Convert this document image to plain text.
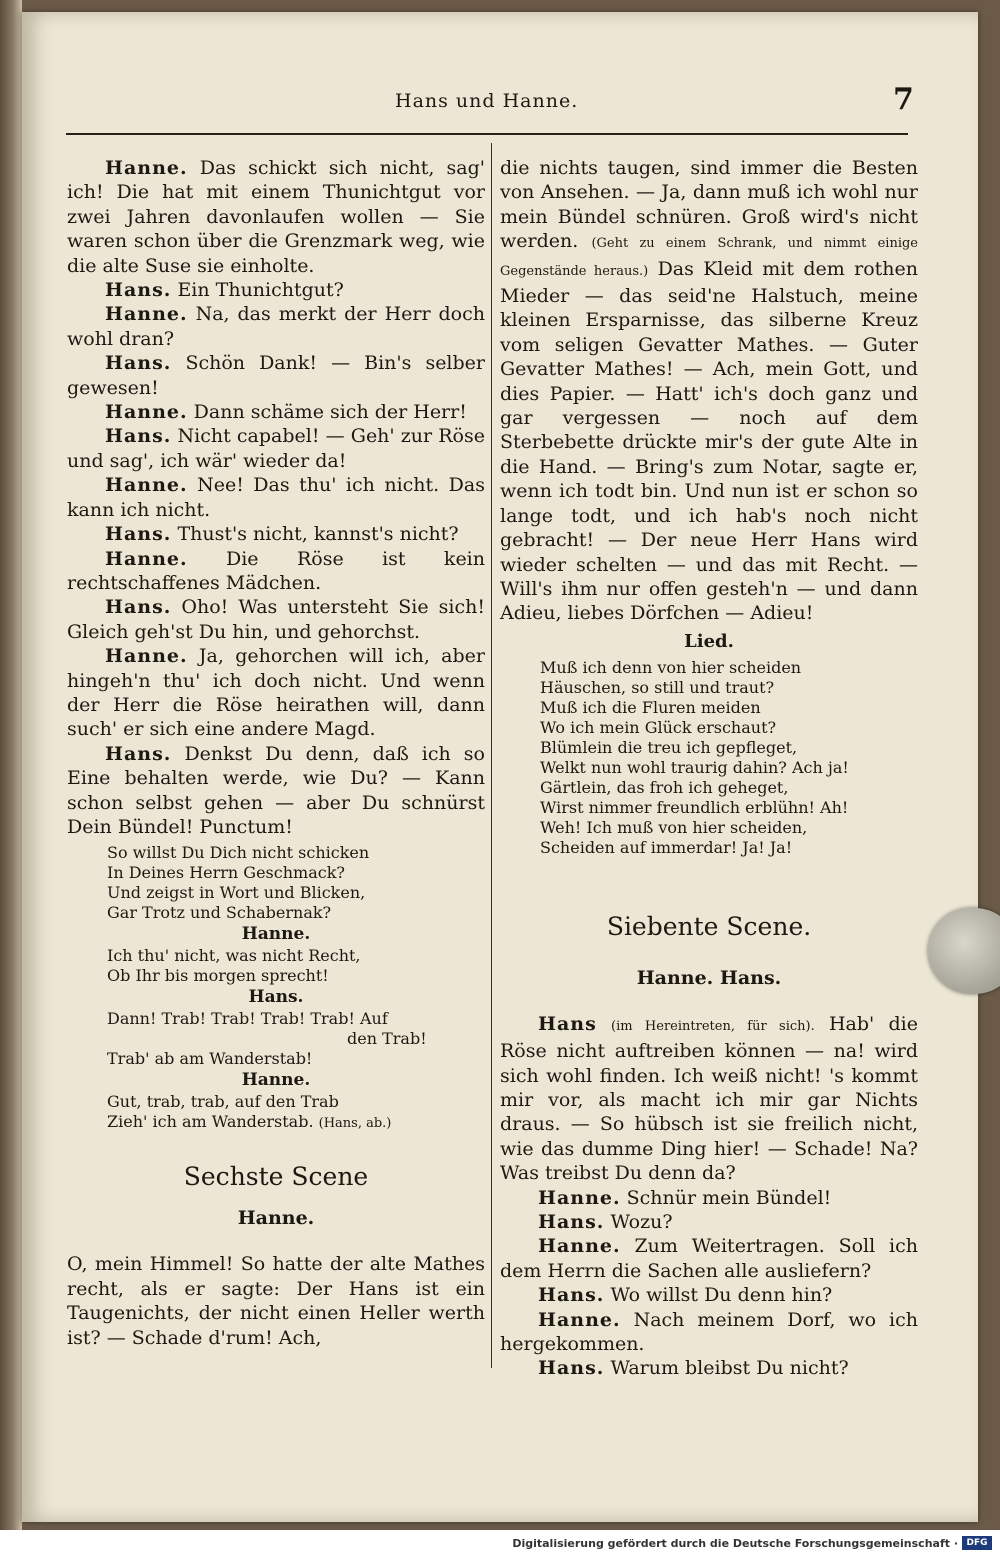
Hans und Hanne.	7

Hanne. Das schickt sich nicht, sag' ich! Die hat mit einem Thunichtgut vor zwei Jahren davonlaufen wollen — Sie waren schon über die Grenzmark weg, wie die alte Suse sie einholte.

Hans. Ein Thunichtgut?

Hanne. Na, das merkt der Herr doch wohl dran?

Hans. Schön Dank! — Bin's selber gewesen!

Hanne. Dann schäme sich der Herr!

Hans. Nicht capabel! — Geh' zur Röse und sag', ich wär' wieder da!

Hanne. Nee! Das thu' ich nicht. Das kann ich nicht.

Hans. Thust's nicht, kannst's nicht?

Hanne. Die Röse ist kein rechtschaffenes Mädchen.

Hans. Oho! Was untersteht Sie sich! Gleich geh'st Du hin, und gehorchst.

Hanne. Ja, gehorchen will ich, aber hingeh'n thu' ich doch nicht. Und wenn der Herr die Röse heirathen will, dann such' er sich eine andere Magd.

Hans. Denkst Du denn, daß ich so Eine behalten werde, wie Du? — Kann schon selbst gehen — aber Du schnürst Dein Bündel! Punctum!

So willst Du Dich nicht schicken

In Deines Herrn Geschmack?

Und zeigst in Wort und Blicken,

Gar Trotz und Schabernak?

Hanne.

Ich thu' nicht, was nicht Recht,

Ob Ihr bis morgen sprecht!

Hans.

Dann! Trab! Trab! Trab! Trab! Auf

den Trab!

Trab' ab am Wanderstab!

Hanne.

Gut, trab, trab, auf den Trab

Zieh' ich am Wanderstab. (Hans, ab.)

Sechste Scene

Hanne.

O, mein Himmel! So hatte der alte Mathes recht, als er sagte: Der Hans ist ein Taugenichts, der nicht einen Heller werth ist? — Schade d'rum! Ach,

die nichts taugen, sind immer die Besten von Ansehen. — Ja, dann muß ich wohl nur mein Bündel schnüren. Groß wird's nicht werden. (Geht zu einem Schrank, und nimmt einige Gegenstände heraus.) Das Kleid mit dem rothen Mieder — das seid'ne Halstuch, meine kleinen Ersparnisse, das silberne Kreuz vom seligen Gevatter Mathes. — Guter Gevatter Mathes! — Ach, mein Gott, und dies Papier. — Hatt' ich's doch ganz und gar vergessen — noch auf dem Sterbebette drückte mir's der gute Alte in die Hand. — Bring's zum Notar, sagte er, wenn ich todt bin. Und nun ist er schon so lange todt, und ich hab's noch nicht gebracht! — Der neue Herr Hans wird wieder schelten — und das mit Recht. — Will's ihm nur offen gesteh'n — und dann Adieu, liebes Dörfchen — Adieu!

Lied.

Muß ich denn von hier scheiden

Häuschen, so still und traut?

Muß ich die Fluren meiden

Wo ich mein Glück erschaut?

Blümlein die treu ich gepfleget,

Welkt nun wohl traurig dahin? Ach ja!

Gärtlein, das froh ich geheget,

Wirst nimmer freundlich erblühn! Ah!

Weh! Ich muß von hier scheiden,

Scheiden auf immerdar! Ja! Ja!

Siebente Scene.

Hanne. Hans.

Hans (im Hereintreten, für sich). Hab' die Röse nicht auftreiben können — na! wird sich wohl finden. Ich weiß nicht! 's kommt mir vor, als macht ich mir gar Nichts draus. — So hübsch ist sie freilich nicht, wie das dumme Ding hier! — Schade! Na? Was treibst Du denn da?

Hanne. Schnür mein Bündel!

Hans. Wozu?

Hanne. Zum Weitertragen. Soll ich dem Herrn die Sachen alle ausliefern?

Hans. Wo willst Du denn hin?

Hanne. Nach meinem Dorf, wo ich hergekommen.

Hans. Warum bleibst Du nicht?

Digitalisierung gefördert durch die Deutsche Forschungsgemeinschaft · DFG
